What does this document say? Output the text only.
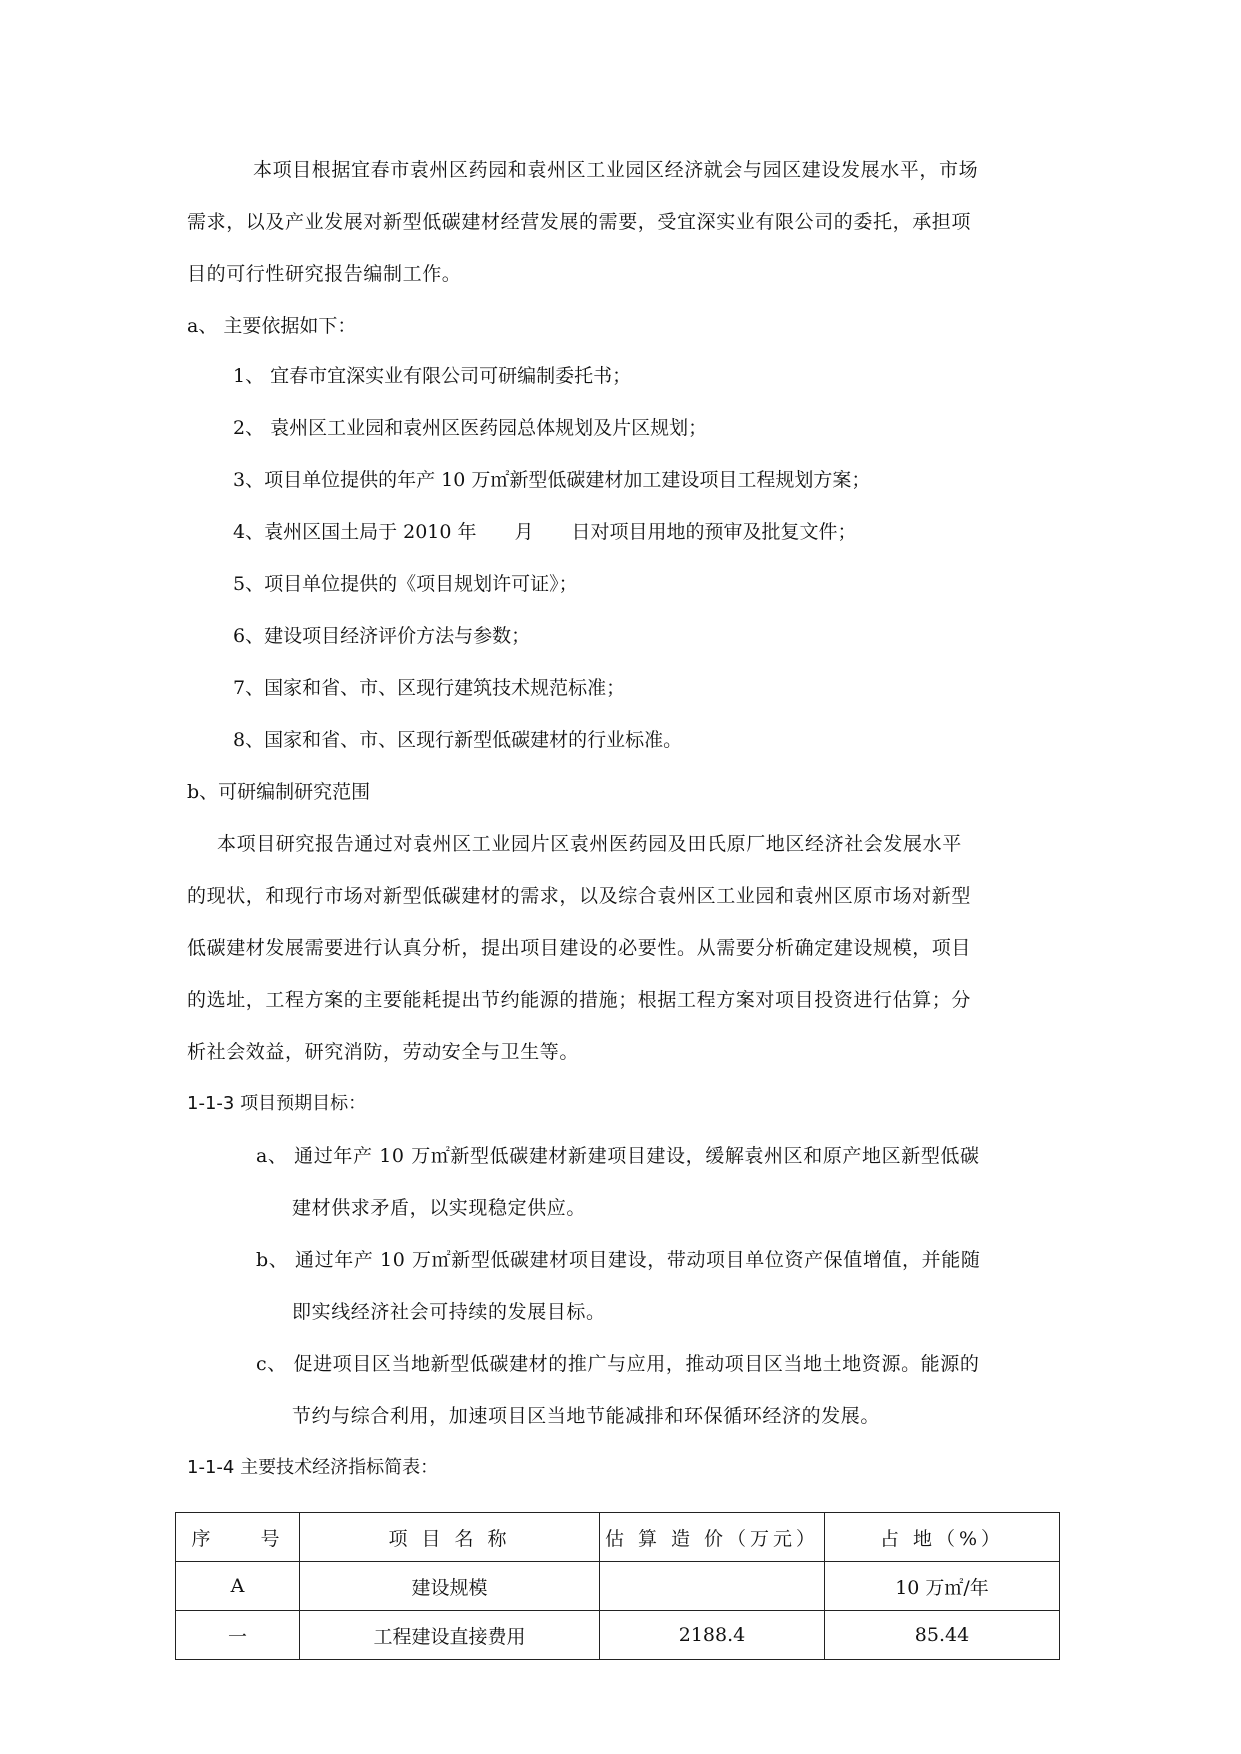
本项目根据宜春市袁州区药园和袁州区工业园区经济就会与园区建设发展水平，市场
需求，以及产业发展对新型低碳建材经营发展的需要，受宜深实业有限公司的委托，承担项
目的可行性研究报告编制工作。
a、 主要依据如下：
1、 宜春市宜深实业有限公司可研编制委托书；
2、 袁州区工业园和袁州区医药园总体规划及片区规划；
3、项目单位提供的年产 10 万㎡新型低碳建材加工建设项目工程规划方案；
4、袁州区国土局于 2010 年　　月　　日对项目用地的预审及批复文件；
5、项目单位提供的《项目规划许可证》；
6、建设项目经济评价方法与参数；
7、国家和省、市、区现行建筑技术规范标准；
8、国家和省、市、区现行新型低碳建材的行业标准。
b、可研编制研究范围
本项目研究报告通过对袁州区工业园片区袁州医药园及田氏原厂地区经济社会发展水平
的现状，和现行市场对新型低碳建材的需求，以及综合袁州区工业园和袁州区原市场对新型
低碳建材发展需要进行认真分析，提出项目建设的必要性。从需要分析确定建设规模，项目
的选址，工程方案的主要能耗提出节约能源的措施；根据工程方案对项目投资进行估算；分
析社会效益，研究消防，劳动安全与卫生等。
1-1-3 项目预期目标：
a、 通过年产 10 万㎡新型低碳建材新建项目建设，缓解袁州区和原产地区新型低碳
建材供求矛盾，以实现稳定供应。
b、 通过年产 10 万㎡新型低碳建材项目建设，带动项目单位资产保值增值，并能随
即实线经济社会可持续的发展目标。
c、 促进项目区当地新型低碳建材的推广与应用，推动项目区当地土地资源。能源的
节约与综合利用，加速项目区当地节能减排和环保循环经济的发展。
1-1-4 主要技术经济指标简表：
序　　号	项 目 名 称	估 算 造 价（万元）	占 地（%）
A	建设规模		10 万㎡/年
一	工程建设直接费用	2188.4	85.44
